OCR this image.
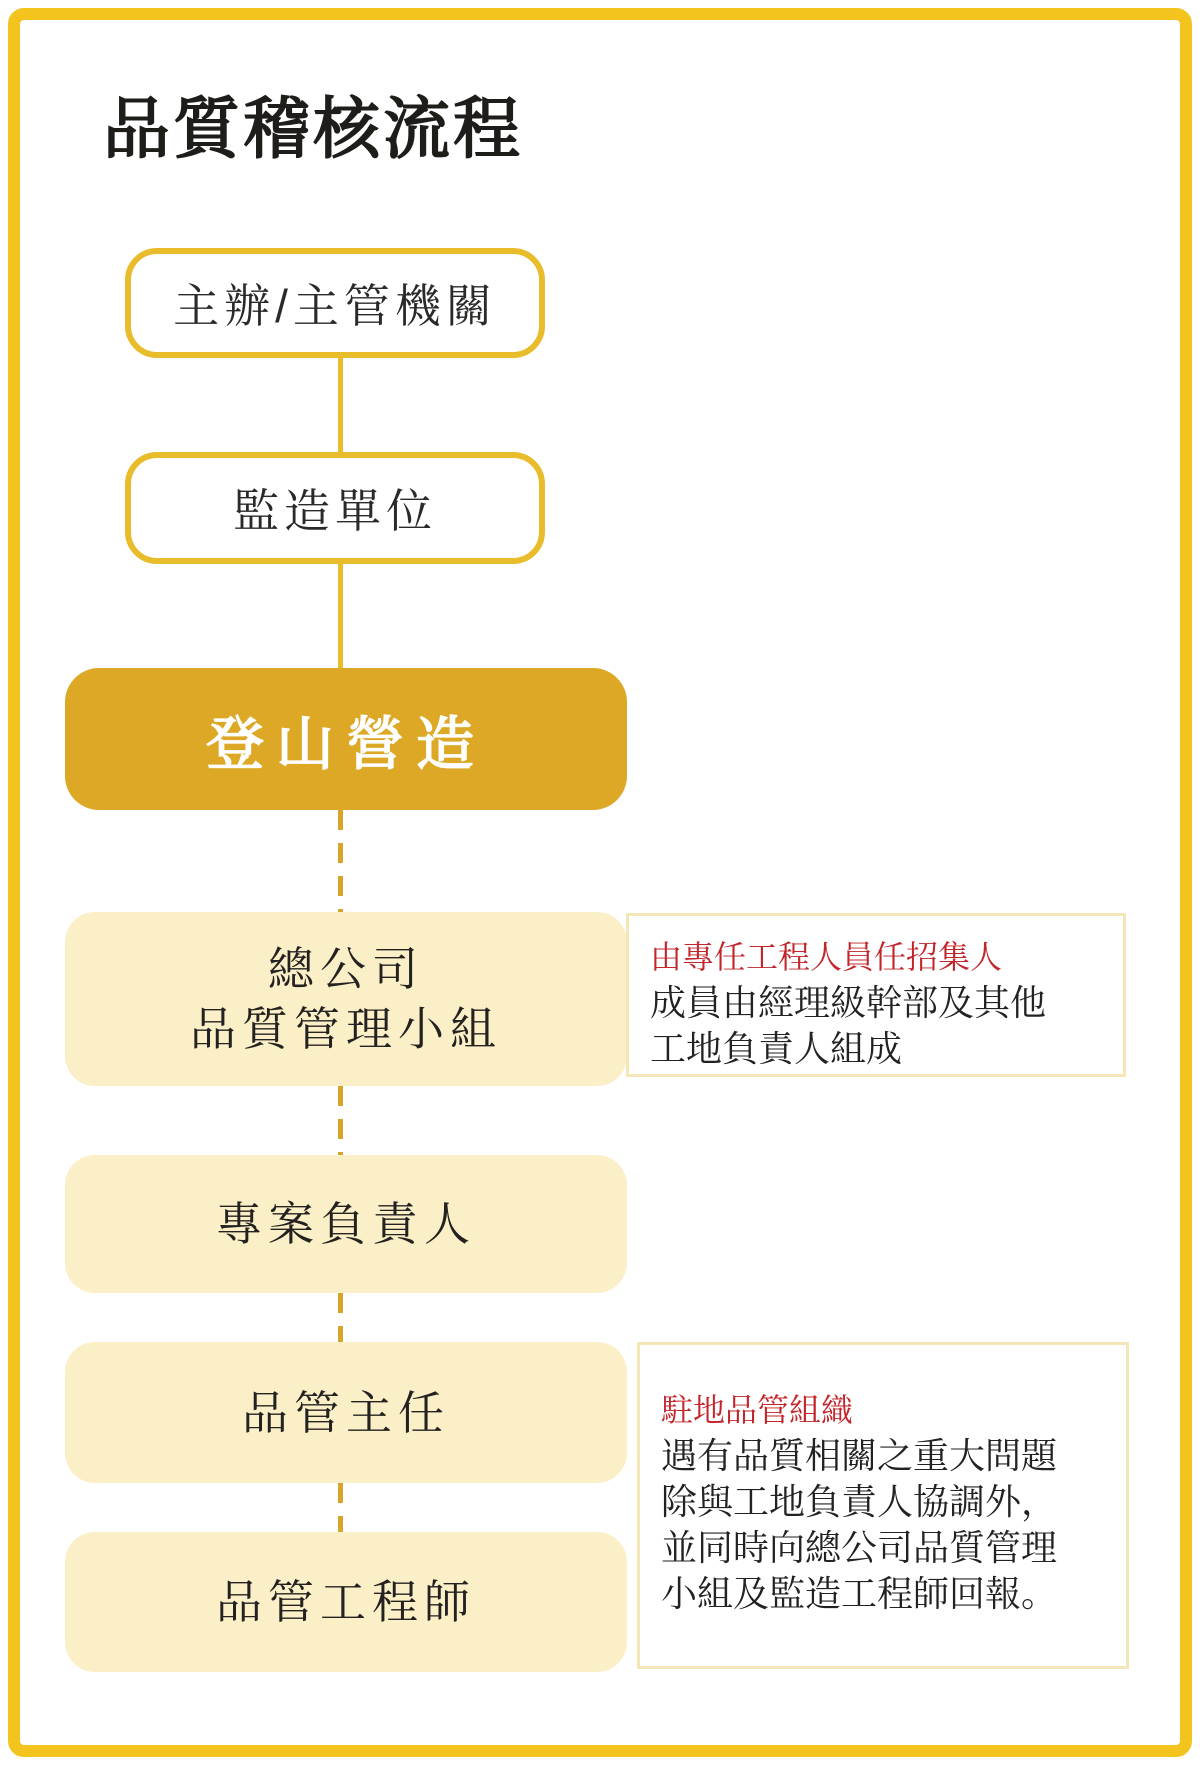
品質稽核流程
主辦/主管機關
監造單位
登山營造
總公司
品質管理小組
由專任工程人員任招集人
成員由經理級幹部及其他
工地負責人組成
專案負責人
品管主任	駐地品管組織
遇有品質相關之重大問題
除與工地負責人協調外，
並同時向總公司品質管理
小組及監造工程師回報。
品管工程師
